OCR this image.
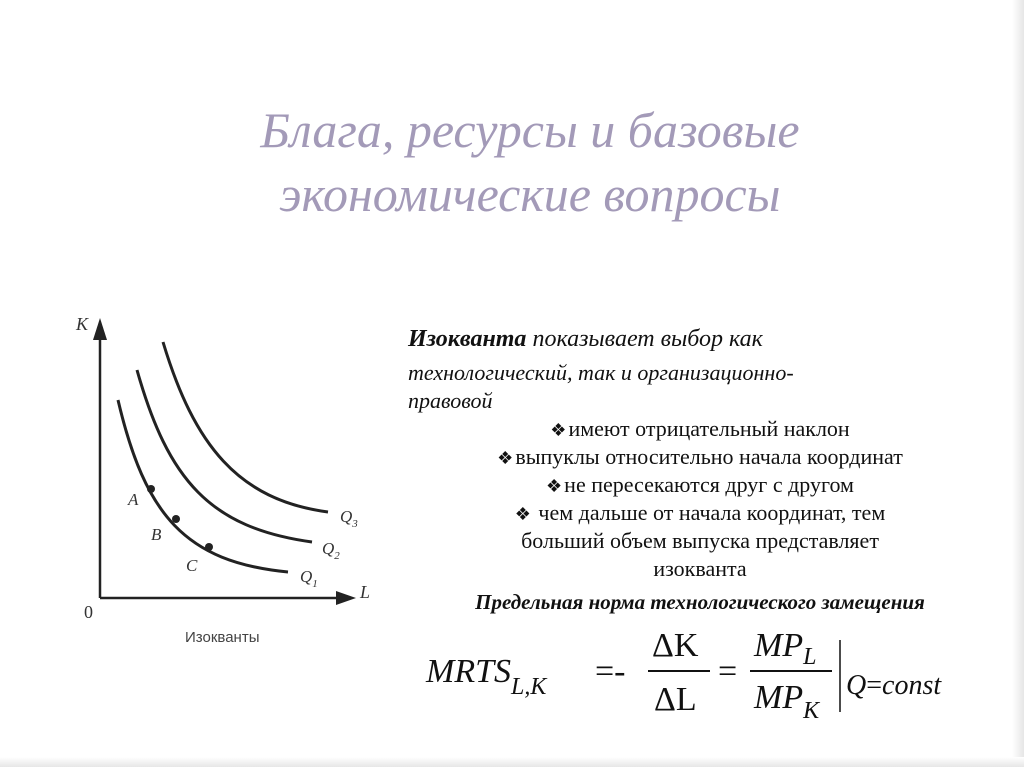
Блага, ресурсы и базовые
экономические вопросы
K
L
0
A
B
C
$Q_1$
$Q_2$
$Q_3$
Изокванты
Изокванта показывает выбор как
технологический, так и организационно-
правовой
❖имеют отрицательный наклон
❖выпуклы относительно начала координат
❖не пересекаются друг с другом
❖ чем дальше от начала координат, тем
больший объем выпуска представляет
изокванта
Предельная норма технологического замещения
$MRTS_{L,K}$ =-
ΔK
ΔL
=
$MP_L$
$MP_K$
Q=const
